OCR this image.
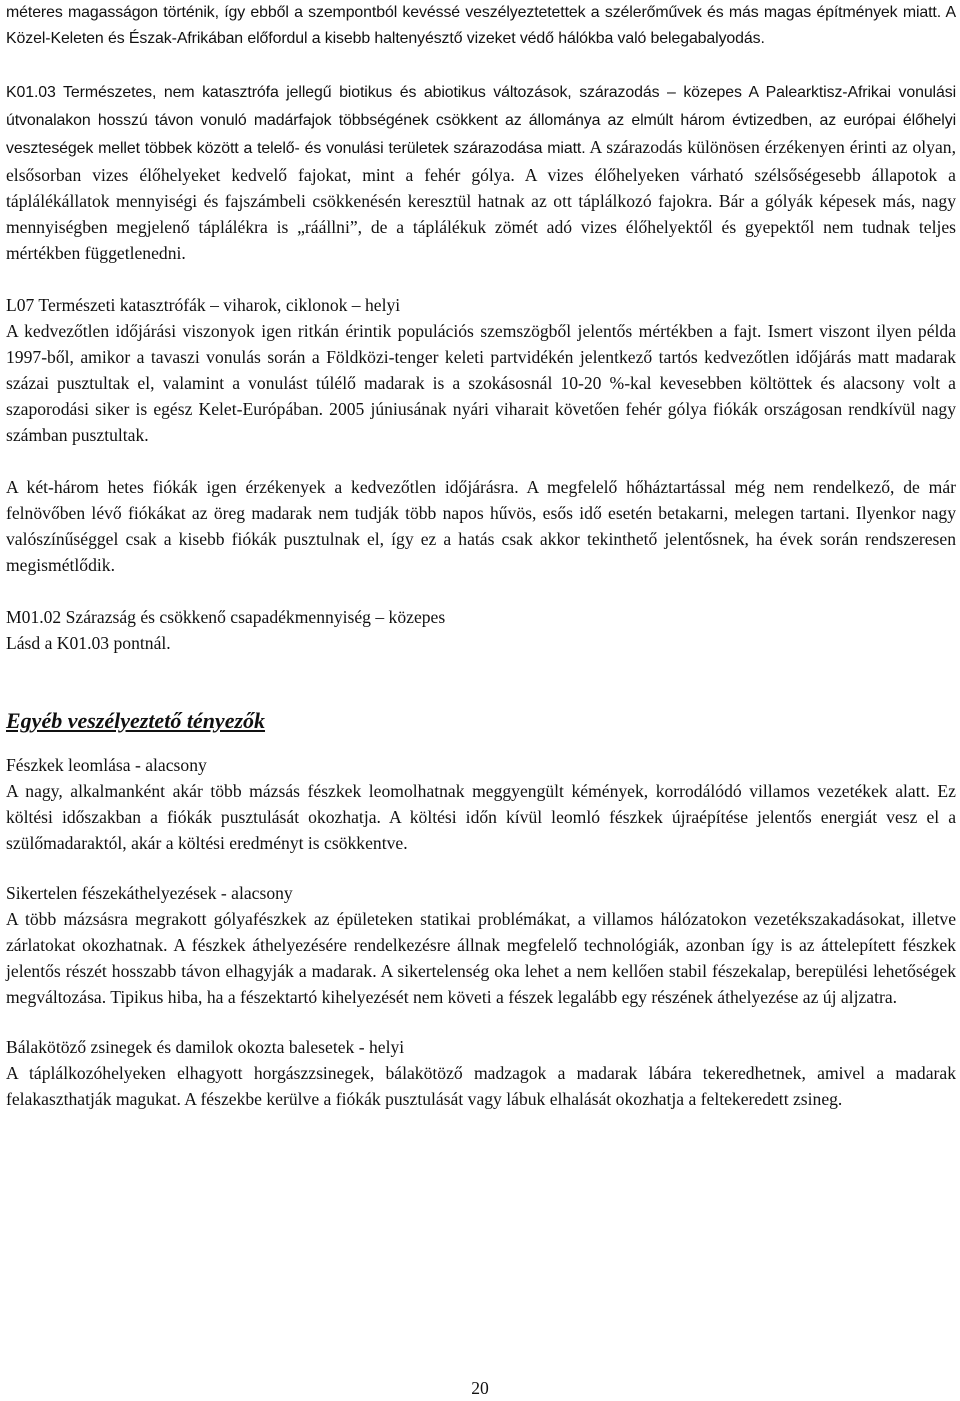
méteres magasságon történik, így ebből a szempontból kevéssé veszélyeztetettek a szélerőművek és más magas építmények miatt. A Közel-Keleten és Észak-Afrikában előfordul a kisebb haltenyésztő vizeket védő hálókba való belegabalyodás.

K01.03 Természetes, nem katasztrófa jellegű biotikus és abiotikus változások, szárazodás – közepes A Palearktisz-Afrikai vonulási útvonalakon hosszú távon vonuló madárfajok többségének csökkent az állománya az elmúlt három évtizedben, az európai élőhelyi veszteségek mellet többek között a telelő- és vonulási területek szárazodása miatt. A szárazodás különösen érzékenyen érinti az olyan, elsősorban vizes élőhelyeket kedvelő fajokat, mint a fehér gólya. A vizes élőhelyeken várható szélsőségesebb állapotok a táplálékállatok mennyiségi és fajszámbeli csökkenésén keresztül hatnak az ott táplálkozó fajokra. Bár a gólyák képesek más, nagy mennyiségben megjelenő táplálékra is „ráállni”, de a táplálékuk zömét adó vizes élőhelyektől és gyepektől nem tudnak teljes mértékben függetlenedni.

L07 Természeti katasztrófák – viharok, ciklonok – helyi

A kedvezőtlen időjárási viszonyok igen ritkán érintik populációs szemszögből jelentős mértékben a fajt. Ismert viszont ilyen példa 1997-ből, amikor a tavaszi vonulás során a Földközi-tenger keleti partvidékén jelentkező tartós kedvezőtlen időjárás matt madarak százai pusztultak el, valamint a vonulást túlélő madarak is a szokásosnál 10-20 %-kal kevesebben költöttek és alacsony volt a szaporodási siker is egész Kelet-Európában. 2005 júniusának nyári viharait követően fehér gólya fiókák országosan rendkívül nagy számban pusztultak.

A két-három hetes fiókák igen érzékenyek a kedvezőtlen időjárásra. A megfelelő hőháztartással még nem rendelkező, de már felnövőben lévő fiókákat az öreg madarak nem tudják több napos hűvös, esős idő esetén betakarni, melegen tartani. Ilyenkor nagy valószínűséggel csak a kisebb fiókák pusztulnak el, így ez a hatás csak akkor tekinthető jelentősnek, ha évek során rendszeresen megismétlődik.

M01.02 Szárazság és csökkenő csapadékmennyiség – közepes

Lásd a K01.03 pontnál.

Egyéb veszélyeztető tényezők

Fészkek leomlása - alacsony

A nagy, alkalmanként akár több mázsás fészkek leomolhatnak meggyengült kémények, korrodálódó villamos vezetékek alatt. Ez költési időszakban a fiókák pusztulását okozhatja. A költési időn kívül leomló fészkek újraépítése jelentős energiát vesz el a szülőmadaraktól, akár a költési eredményt is csökkentve.

Sikertelen fészekáthelyezések - alacsony

A több mázsásra megrakott gólyafészkek az épületeken statikai problémákat, a villamos hálózatokon vezetékszakadásokat, illetve zárlatokat okozhatnak. A fészkek áthelyezésére rendelkezésre állnak megfelelő technológiák, azonban így is az áttelepített fészkek jelentős részét hosszabb távon elhagyják a madarak. A sikertelenség oka lehet a nem kellően stabil fészekalap, berepülési lehetőségek megváltozása. Tipikus hiba, ha a fészektartó kihelyezését nem követi a fészek legalább egy részének áthelyezése az új aljzatra.

Bálakötöző zsinegek és damilok okozta balesetek - helyi

A táplálkozóhelyeken elhagyott horgászzsinegek, bálakötöző madzagok a madarak lábára tekeredhetnek, amivel a madarak felakaszthatják magukat. A fészekbe kerülve a fiókák pusztulását vagy lábuk elhalását okozhatja a feltekeredett zsineg.

20
